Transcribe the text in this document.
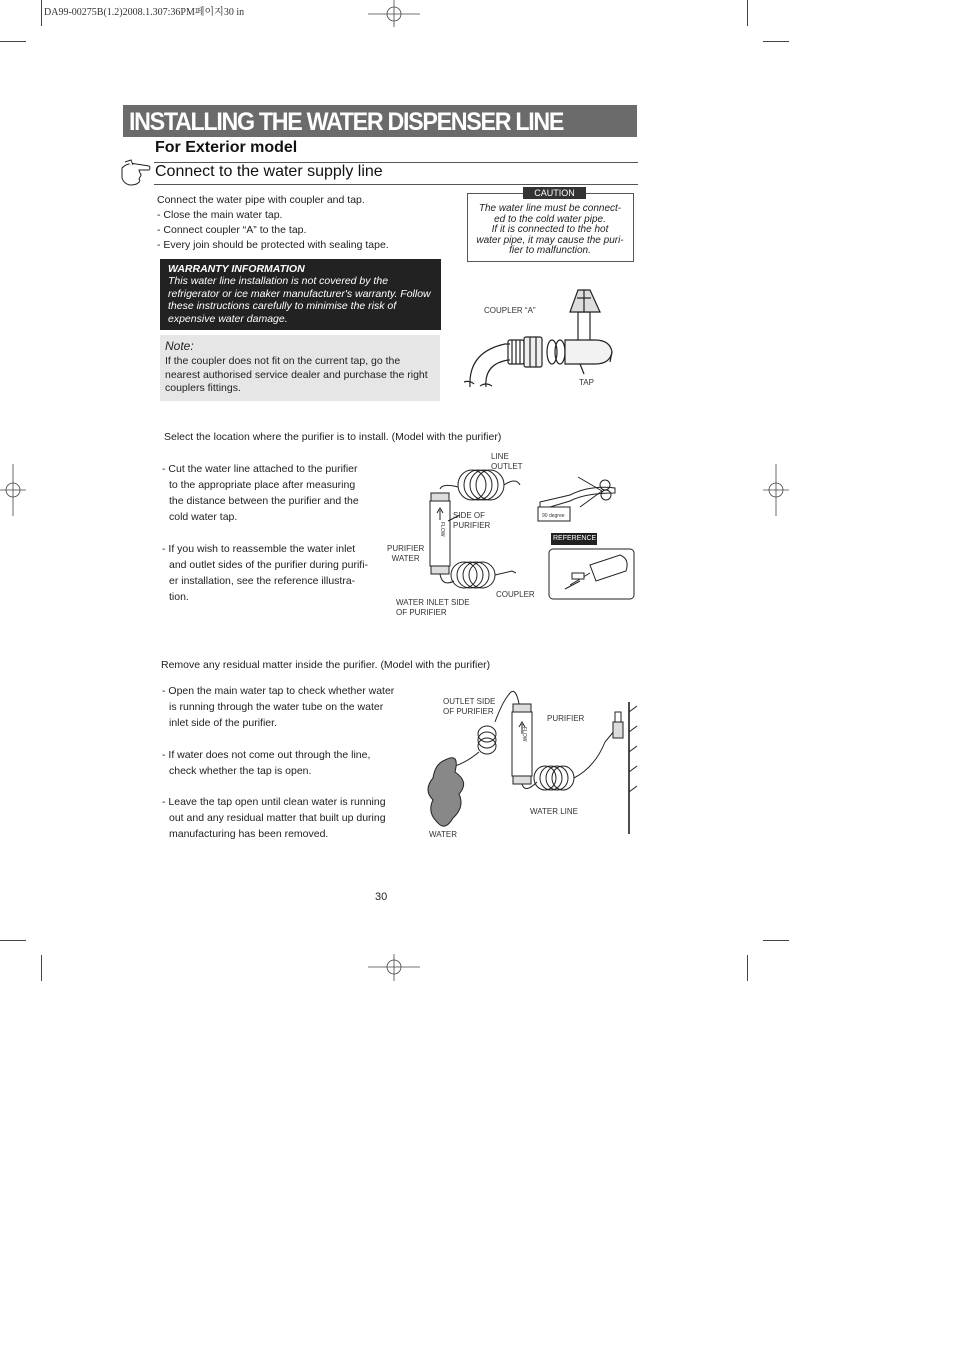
DA99-00275B(1.2)2008.1.307:36PM페이지30 in
INSTALLING THE WATER DISPENSER LINE
For Exterior model
Connect to the water supply line
Connect the water pipe with coupler and tap.
- Close the main water tap.
- Connect coupler “A” to the tap.
- Every join should be protected with sealing tape.
CAUTION
The water line must be connect-
ed to the cold water pipe.
If it is connected to the hot
water pipe, it may cause the puri-
fier to malfunction.
WARRANTY INFORMATION
This water line installation is not covered by the refrigerator or ice maker manufacturer's warranty. Follow these instructions carefully to minimise the risk of expensive water damage.
Note:
If the coupler does not fit on the current tap, go the nearest authorised service dealer and purchase the right couplers fittings.
COUPLER “A”
TAP
Select the location where the purifier is to install. (Model with the purifier)
- Cut the water line attached to the purifier
to the appropriate place after measuring
the distance between the purifier and the
cold water tap.
- If you wish to reassemble the water inlet
and outlet sides of the purifier during purifi-
er installation, see the reference illustra-
tion.
LINE
OUTLET
SIDE OF
PURIFIER
PURIFIER
WATER
WATER INLET SIDE
OF PURIFIER
COUPLER
REFERENCE
90 degree
FLOW
Remove any residual matter inside the purifier. (Model with the purifier)
- Open the main water tap to check whether water
is running through the water tube on the water
inlet side of the purifier.
- If water does not come out through the line,
check whether the tap is open.
- Leave the tap open until clean water is running
out and any residual matter that built up during
manufacturing has been removed.
OUTLET SIDE
OF PURIFIER
PURIFIER
WATER LINE
WATER
FLOW
30
